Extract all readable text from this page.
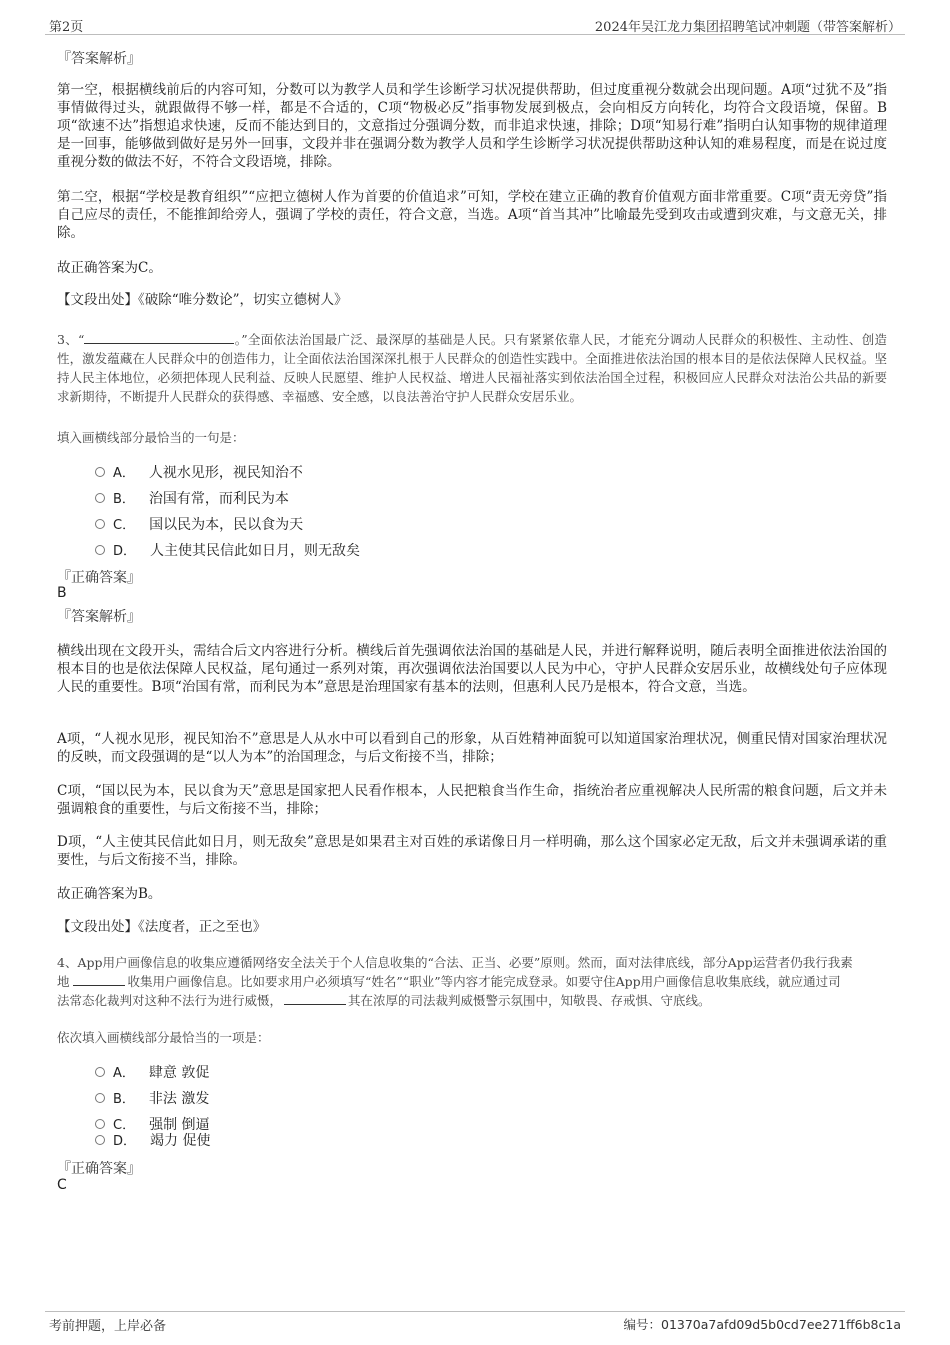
第2页	2024年吴江龙力集团招聘笔试冲刺题（带答案解析）
『答案解析』

第一空，根据横线前后的内容可知，分数可以为教学人员和学生诊断学习状况提供帮助，但过度重视分数就会出现问题。A项“过犹不及”指事情做得过头，就跟做得不够一样，都是不合适的，C项“物极必反”指事物发展到极点，会向相反方向转化，均符合文段语境，保留。B项“欲速不达”指想追求快速，反而不能达到目的，文意指过分强调分数，而非追求快速，排除；D项“知易行难”指明白认知事物的规律道理是一回事，能够做到做好是另外一回事，文段并非在强调分数为教学人员和学生诊断学习状况提供帮助这种认知的难易程度，而是在说过度重视分数的做法不好，不符合文段语境，排除。

第二空，根据“学校是教育组织”“应把立德树人作为首要的价值追求”可知，学校在建立正确的教育价值观方面非常重要。C项“责无旁贷”指自己应尽的责任，不能推卸给旁人，强调了学校的责任，符合文意，当选。A项“首当其冲”比喻最先受到攻击或遭到灾难，与文意无关，排除。

故正确答案为C。
【文段出处】《破除“唯分数论”，切实立德树人》

3、“	。”全面依法治国最广泛、最深厚的基础是人民。只有紧紧依靠人民，才能充分调动人民群众的积极性、主动性、创造性，激发蕴藏在人民群众中的创造伟力，让全面依法治国深深扎根于人民群众的创造性实践中。全面推进依法治国的根本目的是依法保障人民权益。坚持人民主体地位，必须把体现人民利益、反映人民愿望、维护人民权益、增进人民福祉落实到依法治国全过程，积极回应人民群众对法治公共品的新要求新期待，不断提升人民群众的获得感、幸福感、安全感，以良法善治守护人民群众安居乐业。

填入画横线部分最恰当的一句是：
A． 人视水见形，视民知治不
B． 治国有常，而利民为本
C． 国以民为本，民以食为天
D． 人主使其民信此如日月，则无敌矣
『正确答案』
B
『答案解析』

横线出现在文段开头，需结合后文内容进行分析。横线后首先强调依法治国的基础是人民，并进行解释说明，随后表明全面推进依法治国的根本目的也是依法保障人民权益，尾句通过一系列对策，再次强调依法治国要以人民为中心，守护人民群众安居乐业，故横线处句子应体现人民的重要性。B项“治国有常，而利民为本”意思是治理国家有基本的法则，但惠利人民乃是根本，符合文意，当选。

A项，“人视水见形，视民知治不”意思是人从水中可以看到自己的形象，从百姓精神面貌可以知道国家治理状况，侧重民情对国家治理状况的反映，而文段强调的是“以人为本”的治国理念，与后文衔接不当，排除；

C项，“国以民为本，民以食为天”意思是国家把人民看作根本，人民把粮食当作生命，指统治者应重视解决人民所需的粮食问题，后文并未强调粮食的重要性，与后文衔接不当，排除；

D项，“人主使其民信此如日月，则无敌矣”意思是如果君主对百姓的承诺像日月一样明确，那么这个国家必定无敌，后文并未强调承诺的重要性，与后文衔接不当，排除。

故正确答案为B。
【文段出处】《法度者，正之至也》
4、App用户画像信息的收集应遵循网络安全法关于个人信息收集的“合法、正当、必要”原则。然而，面对法律底线，部分App运营者仍我行我素
地	收集用户画像信息。比如要求用户必须填写“姓名”“职业”等内容才能完成登录。如要守住App用户画像信息收集底线，就应通过司
法常态化裁判对这种不法行为进行威慑，	其在浓厚的司法裁判威慑警示氛围中，知敬畏、存戒惧、守底线。
依次填入画横线部分最恰当的一项是：
A． 肆意 敦促
B． 非法 激发
C． 强制 倒逼
D． 竭力 促使
『正确答案』
C
考前押题，上岸必备	编号：01370a7afd09d5b0cd7ee271ff6b8c1a
